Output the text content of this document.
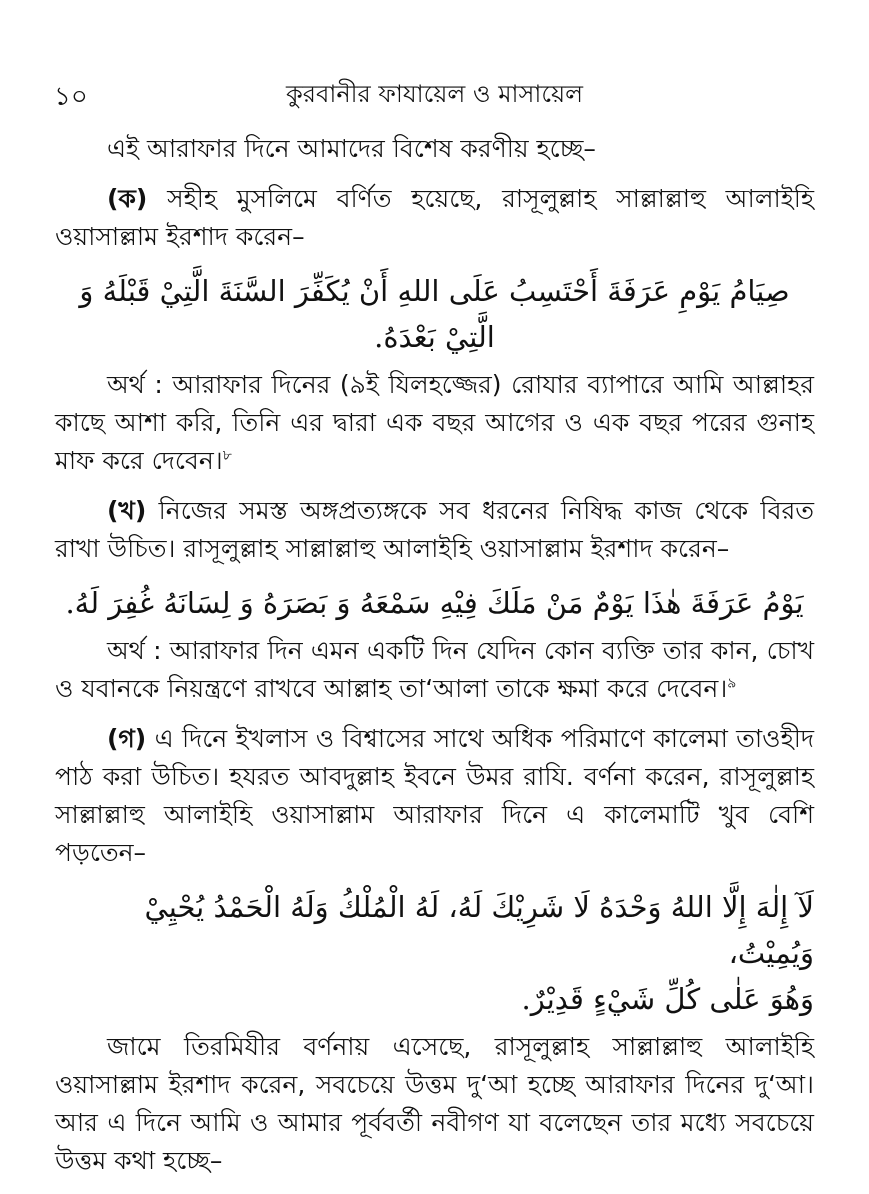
১০	কুরবানীর ফাযায়েল ও মাসায়েল

এই আরাফার দিনে আমাদের বিশেষ করণীয় হচ্ছে–

(ক) সহীহ মুসলিমে বর্ণিত হয়েছে, রাসূলুল্লাহ সাল্লাল্লাহু আলাইহি ওয়াসাল্লাম ইরশাদ করেন–

صِيَامُ يَوْمِ عَرَفَةَ أَحْتَسِبُ عَلَى اللهِ أَنْ يُكَفِّرَ السَّنَةَ الَّتِيْ قَبْلَهُ وَ الَّتِيْ بَعْدَهُ.

অর্থ : আরাফার দিনের (৯ই যিলহজ্জের) রোযার ব্যাপারে আমি আল্লাহর কাছে আশা করি, তিনি এর দ্বারা এক বছর আগের ও এক বছর পরের গুনাহ মাফ করে দেবেন।$^৮$

(খ) নিজের সমস্ত অঙ্গপ্রত্যঙ্গকে সব ধরনের নিষিদ্ধ কাজ থেকে বিরত রাখা উচিত। রাসূলুল্লাহ সাল্লাল্লাহু আলাইহি ওয়াসাল্লাম ইরশাদ করেন–

يَوْمُ عَرَفَةَ هٰذَا يَوْمٌ مَنْ مَلَكَ فِيْهِ سَمْعَهُ وَ بَصَرَهُ وَ لِسَانَهُ غُفِرَ لَهُ.

অর্থ : আরাফার দিন এমন একটি দিন যেদিন কোন ব্যক্তি তার কান, চোখ ও যবানকে নিয়ন্ত্রণে রাখবে আল্লাহ তা‘আলা তাকে ক্ষমা করে দেবেন।$^৯$

(গ) এ দিনে ইখলাস ও বিশ্বাসের সাথে অধিক পরিমাণে কালেমা তাওহীদ পাঠ করা উচিত। হযরত আবদুল্লাহ ইবনে উমর রাযি. বর্ণনা করেন, রাসূলুল্লাহ সাল্লাল্লাহু আলাইহি ওয়াসাল্লাম আরাফার দিনে এ কালেমাটি খুব বেশি পড়তেন–

لَآ إِلٰهَ إِلَّا اللهُ وَحْدَهُ لَا شَرِيْكَ لَهُ، لَهُ الْمُلْكُ وَلَهُ الْحَمْدُ يُحْيِيْ وَيُمِيْتُ،
وَهُوَ عَلٰى كُلِّ شَيْءٍ قَدِيْرٌ.

জামে তিরমিযীর বর্ণনায় এসেছে, রাসূলুল্লাহ সাল্লাল্লাহু আলাইহি ওয়াসাল্লাম ইরশাদ করেন, সবচেয়ে উত্তম দু‘আ হচ্ছে আরাফার দিনের দু‘আ। আর এ দিনে আমি ও আমার পূর্ববর্তী নবীগণ যা বলেছেন তার মধ্যে সবচেয়ে উত্তম কথা হচ্ছে–
